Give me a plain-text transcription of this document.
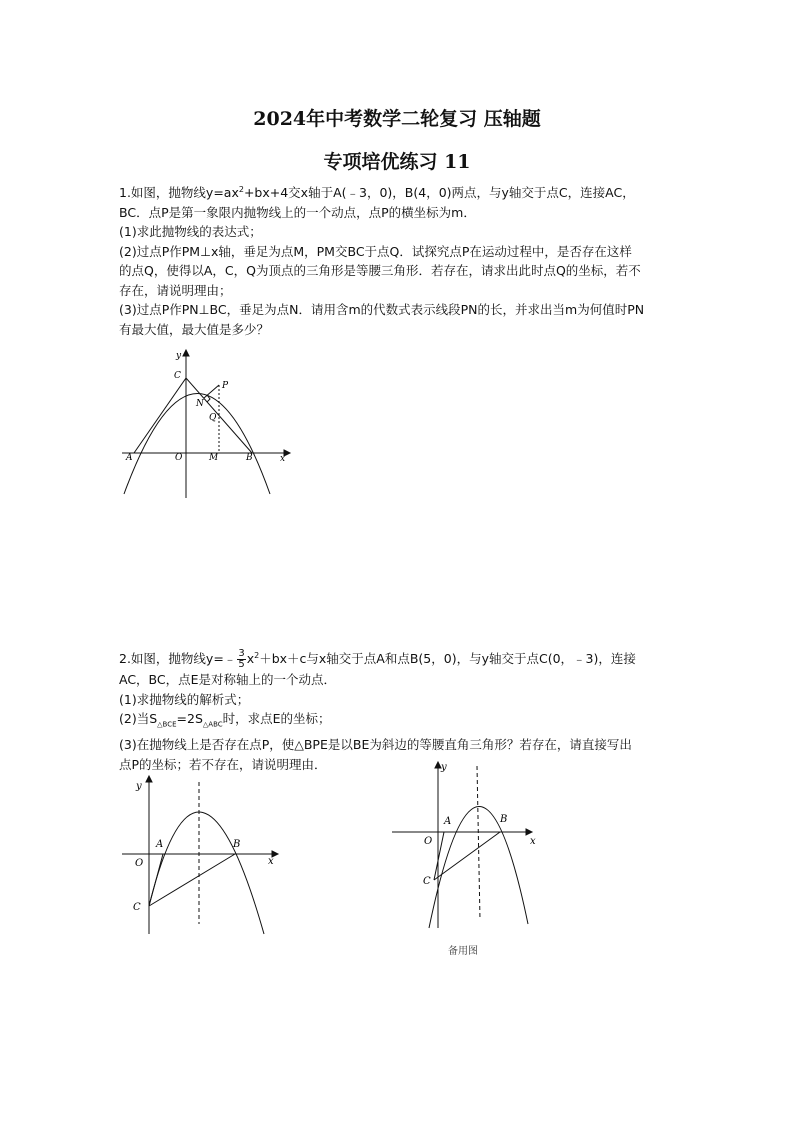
2024年中考数学二轮复习 压轴题
专项培优练习 11
1.如图，抛物线$y=ax^2+bx+4$交x轴于A(﹣3，0)，B(4，0)两点，与y轴交于点C，连接AC，
BC．点P是第一象限内抛物线上的一个动点，点P的横坐标为m．
(1)求此抛物线的表达式；
(2)过点P作PM⊥x轴，垂足为点M，PM交BC于点Q．试探究点P在运动过程中，是否存在这样
的点Q，使得以A，C，Q为顶点的三角形是等腰三角形．若存在，请求出此时点Q的坐标，若不
存在，请说明理由；
(3)过点P作PN⊥BC，垂足为点N．请用含m的代数式表示线段PN的长，并求出当m为何值时PN
有最大值，最大值是多少？
y
x
C
P
N
Q
A	O	M	B
2.如图，抛物线y=﹣ $\frac{3}{5} x^2+bx+c$与x轴交于点A和点B(5，0)，与y轴交于点C(0，﹣3)，连接
AC，BC，点E是对称轴上的一个动点．
(1)求抛物线的解析式；
(2)当$S_{\triangle BCE}=2S_{\triangle ABC}$时，求点E的坐标；
(3)在抛物线上是否存在点P，使△BPE是以BE为斜边的等腰直角三角形？若存在，请直接写出
点P的坐标；若不存在，请说明理由．
y
x
A	B
O
C
y
x
A	B
O
C
备用图
